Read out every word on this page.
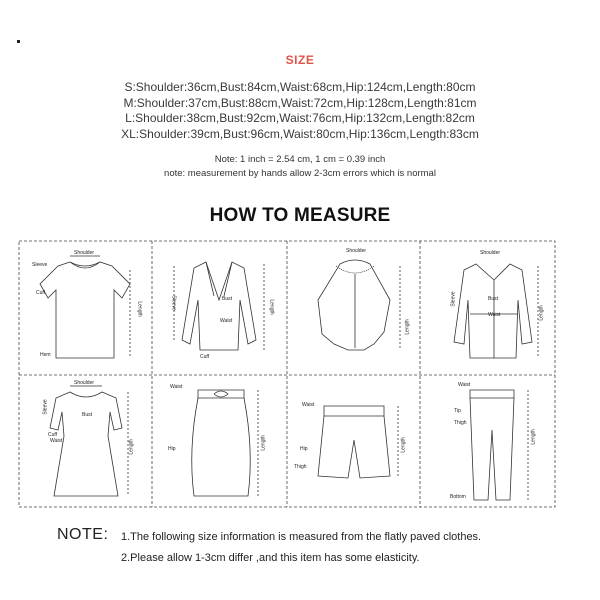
SIZE
S:Shoulder:36cm,Bust:84cm,Waist:68cm,Hip:124cm,Length:80cm
M:Shoulder:37cm,Bust:88cm,Waist:72cm,Hip:128cm,Length:81cm
L:Shoulder:38cm,Bust:92cm,Waist:76cm,Hip:132cm,Length:82cm
XL:Shoulder:39cm,Bust:96cm,Waist:80cm,Hip:136cm,Length:83cm
Note: 1 inch = 2.54 cm, 1 cm = 0.39 inch
note: measurement by hands allow 2-3cm errors which is normal
HOW TO MEASURE
Shoulder
Sleeve
Cuff
Hem
Length	Sleeve	Bust
Waist
Cuff
Length
Shoulder
Length
Shoulder
Sleeve	Bust
Waist	Length
Shoulder
Sleeve
Bust
Cuff
Waist	Length
Waist
Hip	Length
Waist
Hip
Thigh
Length
Waist
Tip
Thigh
Bottom
Length
NOTE: 1.The following size information is measured from the flatly paved clothes.
2.Please allow 1-3cm differ ,and this item has some elasticity.
